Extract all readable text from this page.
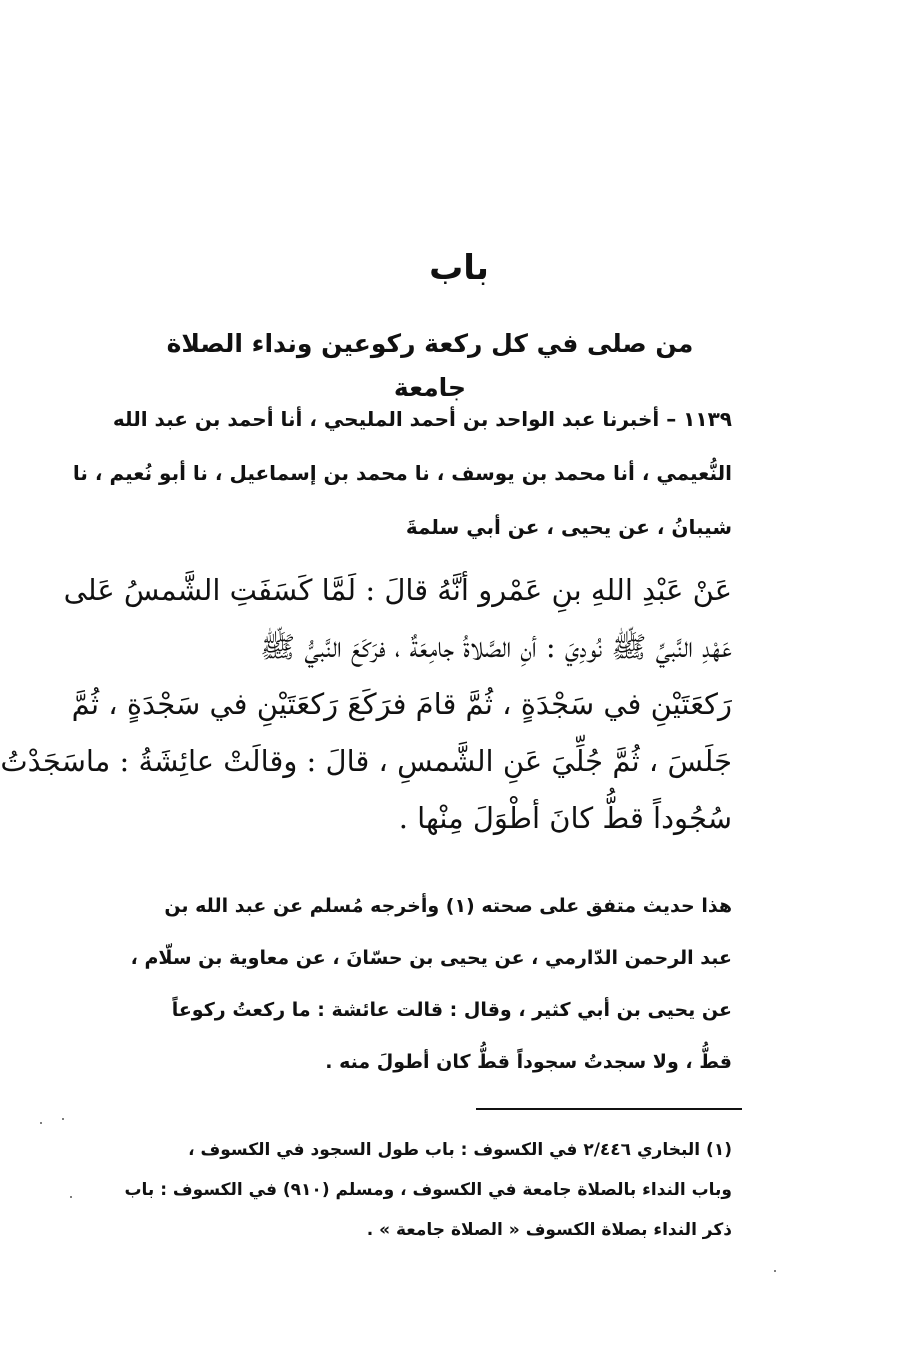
باب
من صلى في كل ركعة ركوعين ونداء الصلاة جامعة
١١٣٩ – أخبرنا عبد الواحد بن أحمد المليحي ، أنا أحمد بن عبد الله
النُّعيمي ، أنا محمد بن يوسف ، نا محمد بن إسماعيل ، نا أبو نُعيم ، نا
شيبانُ ، عن يحيى ، عن أبي سلمةَ
عَنْ عَبْدِ اللهِ بنِ عَمْرو أنَّهُ قالَ : لَمَّا كَسَفَتِ الشَّمسُ عَلى
عَهْدِ النَّبيِّ ﷺ نُودِيَ : أنِ الصَّلاةُ جامِعَةٌ ، فرَكَعَ النَّبيُّ ﷺ
رَكعَتَيْنِ في سَجْدَةٍ ، ثُمَّ قامَ فرَكَعَ رَكعَتَيْنِ في سَجْدَةٍ ، ثُمَّ
جَلَسَ ، ثُمَّ جُلِّيَ عَنِ الشَّمسِ ، قالَ : وقالَتْ عائِشَةُ : ماسَجَدْتُ
سُجُوداً قطُّ كانَ أطْوَلَ مِنْها .
هذا حديث متفق على صحته (١) وأخرجه مُسلم عن عبد الله بن
عبد الرحمن الدّارمي ، عن يحيى بن حسّانَ ، عن معاوية بن سلّام ،
عن يحيى بن أبي كثير ، وقال : قالت عائشة : ما ركعتُ ركوعاً
قطُّ ، ولا سجدتُ سجوداً قطُّ كان أطولَ منه .
(١) البخاري ٢/٤٤٦ في الكسوف : باب طول السجود في الكسوف ،
وباب النداء بالصلاة جامعة في الكسوف ، ومسلم (٩١٠) في الكسوف : باب
ذكر النداء بصلاة الكسوف « الصلاة جامعة » .
